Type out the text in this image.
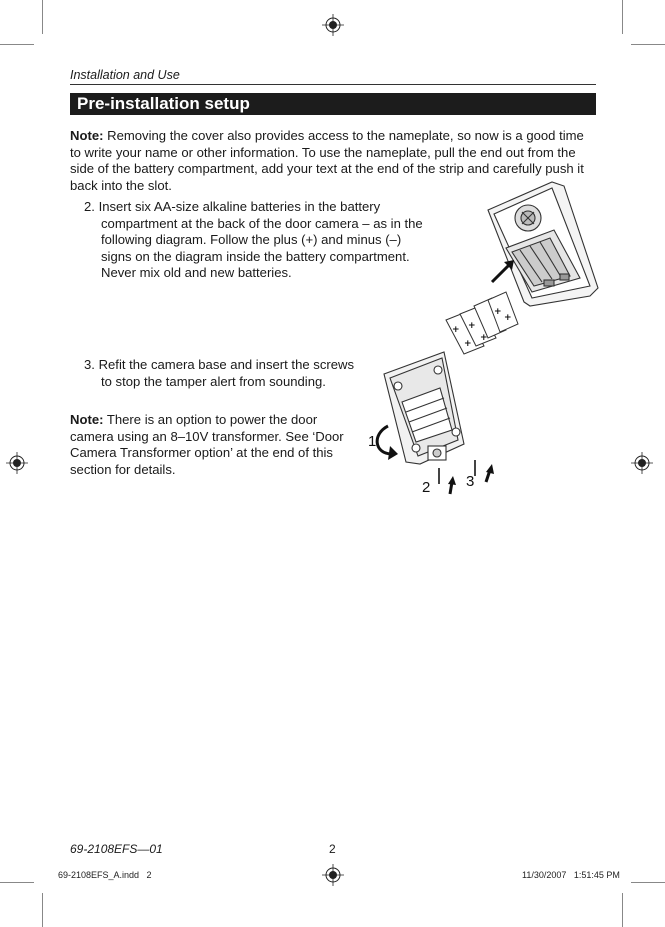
Installation and Use
Pre-installation setup
Note: Removing the cover also provides access to the nameplate, so now is a good time to write your name or other information. To use the nameplate, pull the end out from the side of the battery compartment, add your text at the end of the strip and carefully push it back into the slot.
2. Insert six AA-size alkaline batteries in the battery compartment at the back of the door camera – as in the following diagram. Follow the plus (+) and minus (–) signs on the diagram inside the battery compartment. Never mix old and new batteries.
+ +
+
+
+
+
3. Refit the camera base and insert the screws to stop the tamper alert from sounding.
Note: There is an option to power the door camera using an 8–10V transformer. See ‘Door Camera Transformer option’ at the end of this section for details.
1
2 3
69-2108EFS—01	2
69-2108EFS_A.indd   2	11/30/2007   1:51:45 PM
